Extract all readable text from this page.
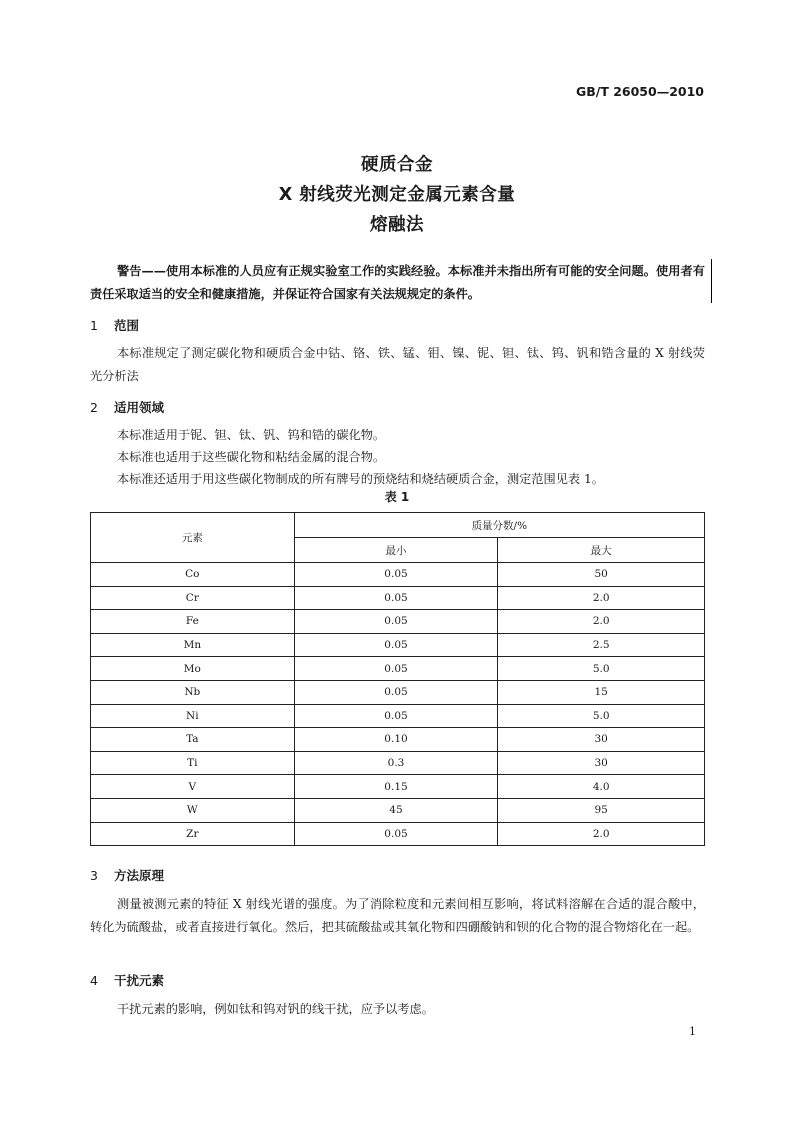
GB/T 26050—2010
硬质合金
X 射线荧光测定金属元素含量
熔融法
警告——使用本标准的人员应有正规实验室工作的实践经验。本标准并未指出所有可能的安全问题。使用者有责任采取适当的安全和健康措施，并保证符合国家有关法规规定的条件。
1 范围
本标准规定了测定碳化物和硬质合金中钴、铬、铁、锰、钼、镍、铌、钽、钛、钨、钒和锆含量的 X 射线荧光分析法
2 适用领域
本标准适用于铌、钽、钛、钒、钨和锆的碳化物。
本标准也适用于这些碳化物和粘结金属的混合物。
本标准还适用于用这些碳化物制成的所有牌号的预烧结和烧结硬质合金，测定范围见表 1。
表 1
元素	质量分数/%	
	最小	最大
Co	0.05	50
Cr	0.05	2.0
Fe	0.05	2.0
Mn	0.05	2.5
Mo	0.05	5.0
Nb	0.05	15
Ni	0.05	5.0
Ta	0.10	30
Ti	0.3	30
V	0.15	4.0
W	45	95
Zr	0.05	2.0
3 方法原理
测量被测元素的特征 X 射线光谱的强度。为了消除粒度和元素间相互影响，将试料溶解在合适的混合酸中，转化为硫酸盐，或者直接进行氧化。然后，把其硫酸盐或其氧化物和四硼酸钠和钡的化合物的混合物熔化在一起。
4 干扰元素
干扰元素的影响，例如钛和钨对钒的线干扰，应予以考虑。
1
